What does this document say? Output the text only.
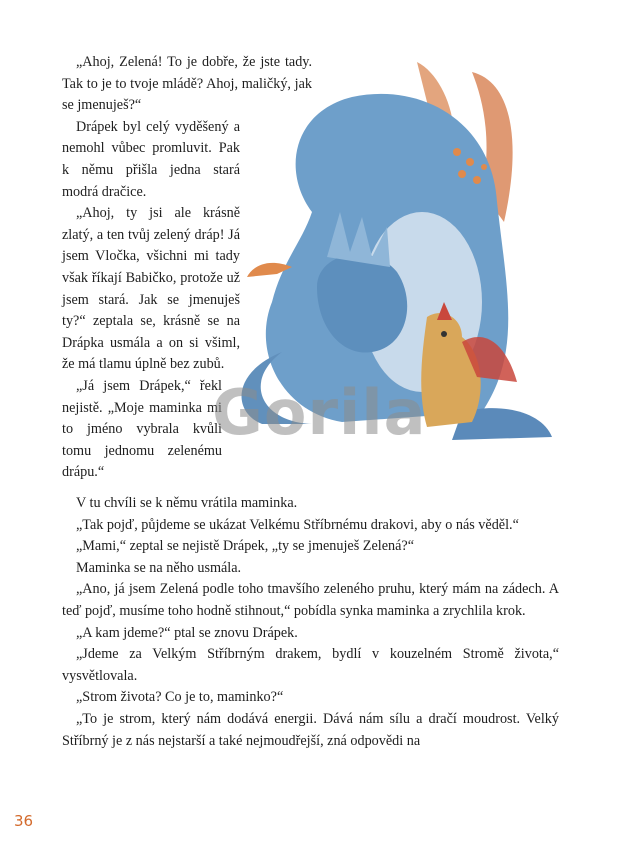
„Ahoj, Zelená! To je dobře, že jste tady. Tak to je to tvoje mládě? Ahoj, maličký, jak se jmenuješ?“

Drápek byl celý vyděšený a nemohl vůbec promluvit. Pak k němu přišla jedna stará modrá dračice.

„Ahoj, ty jsi ale krásně zlatý, a ten tvůj zelený dráp! Já jsem Vločka, všichni mi tady však říkají Babičko, protože už jsem stará. Jak se jmenuješ ty?“ zeptala se, krásně se na Drápka usmála a on si všiml, že má tlamu úplně bez zubů.

„Já jsem Drápek,“ řekl nejistě. „Moje maminka mi to jméno vybrala kvůli tomu jednomu zelenému drápu.“

Gorila

V tu chvíli se k němu vrátila maminka.

„Tak pojď, půjdeme se ukázat Velkému Stříbrnému drakovi, aby o nás věděl.“

„Mami,“ zeptal se nejistě Drápek, „ty se jmenuješ Zelená?“

Maminka se na něho usmála.

„Ano, já jsem Zelená podle toho tmavšího zeleného pruhu, který mám na zádech. A teď pojď, musíme toho hodně stihnout,“ pobídla synka maminka a zrychlila krok.

„A kam jdeme?“ ptal se znovu Drápek.

„Jdeme za Velkým Stříbrným drakem, bydlí v kouzelném Stromě života,“ vysvětlovala.

„Strom života? Co je to, maminko?“

„To je strom, který nám dodává energii. Dává nám sílu a dračí moudrost. Velký Stříbrný je z nás nejstarší a také nejmoudřejší, zná odpovědi na

36
